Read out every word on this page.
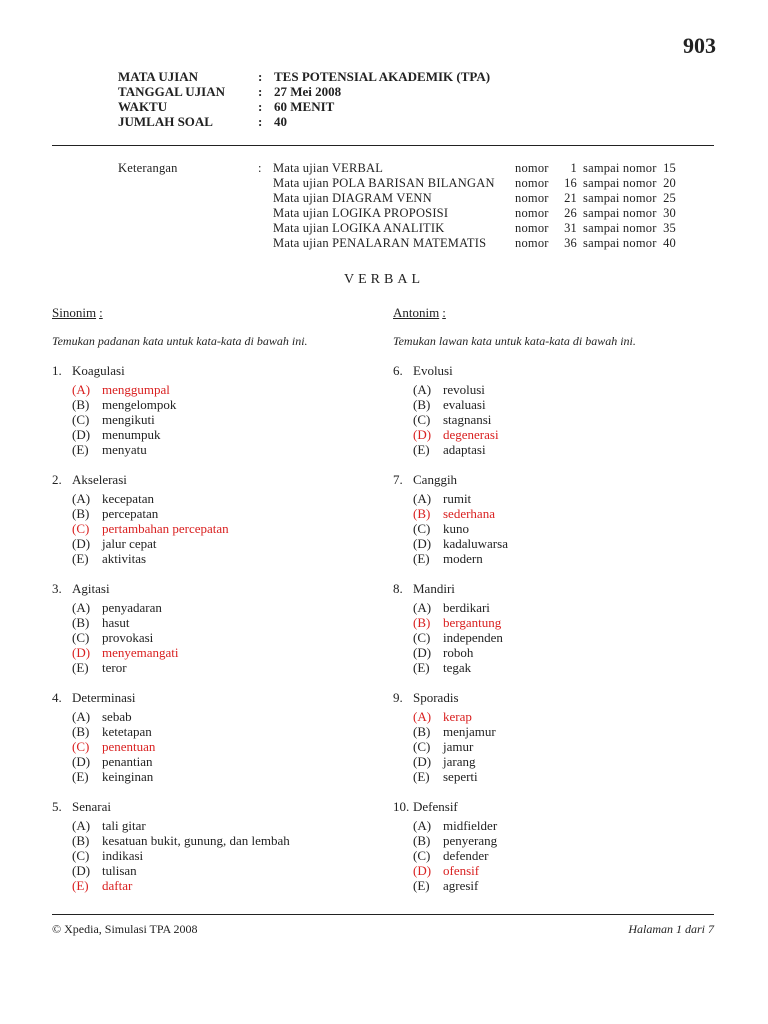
903
MATA UJIAN	: TES POTENSIAL AKADEMIK (TPA)
TANGGAL UJIAN	: 27 Mei 2008
WAKTU	: 60 MENIT
JUMLAH SOAL	: 40
Keterangan	: Mata ujian VERBAL	nomor	1 sampai nomor 15
Mata ujian POLA BARISAN BILANGAN nomor	16 sampai nomor 20
Mata ujian DIAGRAM VENN	nomor	21 sampai nomor 25
Mata ujian LOGIKA PROPOSISI	nomor	26 sampai nomor 30
Mata ujian LOGIKA ANALITIK	nomor	31 sampai nomor 35
Mata ujian PENALARAN MATEMATIS nomor	36 sampai nomor 40
VERBAL
Sinonim :
Temukan padanan kata untuk kata-kata di bawah ini.
1. Koagulasi
(A) menggumpal
(B) mengelompok
(C) mengikuti
(D) menumpuk
(E) menyatu
2. Akselerasi
(A) kecepatan
(B) percepatan
(C) pertambahan percepatan
(D) jalur cepat
(E) aktivitas
3. Agitasi
(A) penyadaran
(B) hasut
(C) provokasi
(D) menyemangati
(E) teror
4. Determinasi
(A) sebab
(B) ketetapan
(C) penentuan
(D) penantian
(E) keinginan
5. Senarai
(A) tali gitar
(B) kesatuan bukit, gunung, dan lembah
(C) indikasi
(D) tulisan
(E) daftar
Antonim :
Temukan lawan kata untuk kata-kata di bawah ini.
6. Evolusi
(A) revolusi
(B) evaluasi
(C) stagnansi
(D) degenerasi
(E) adaptasi
7. Canggih
(A) rumit
(B) sederhana
(C) kuno
(D) kadaluwarsa
(E) modern
8. Mandiri
(A) berdikari
(B) bergantung
(C) independen
(D) roboh
(E) tegak
9. Sporadis
(A) kerap
(B) menjamur
(C) jamur
(D) jarang
(E) seperti
10. Defensif
(A) midfielder
(B) penyerang
(C) defender
(D) ofensif
(E) agresif
© Xpedia, Simulasi TPA 2008	Halaman 1 dari 7
